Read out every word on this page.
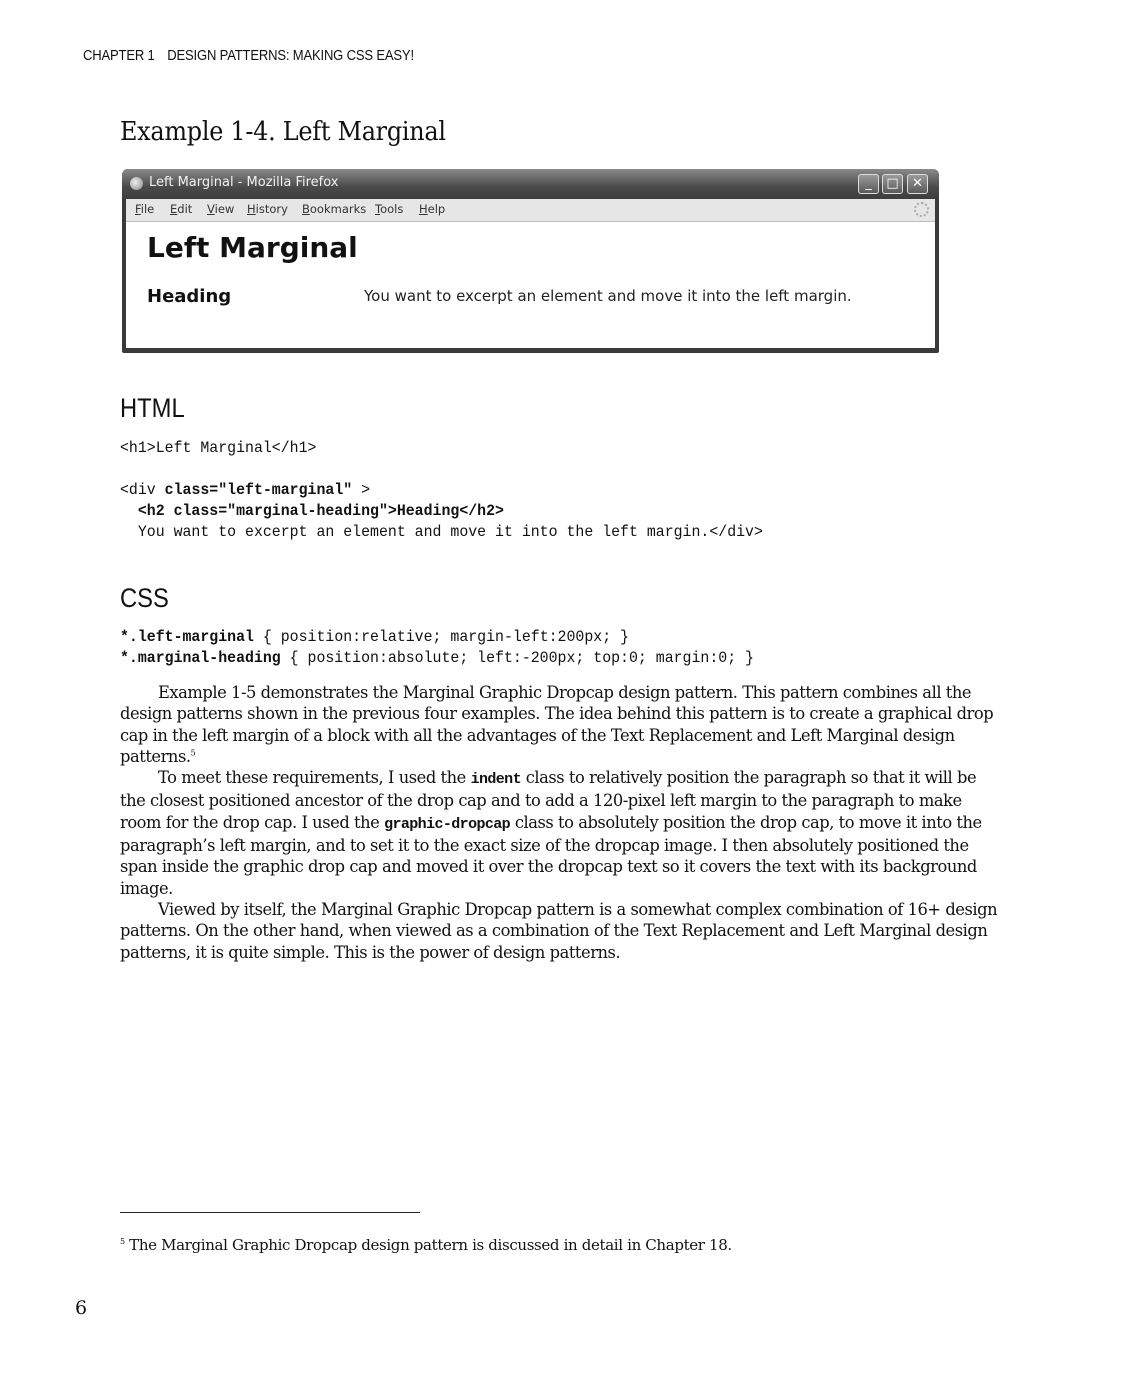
CHAPTER 1 DESIGN PATTERNS: MAKING CSS EASY!
Example 1-4. Left Marginal
Left Marginal - Mozilla Firefox	_	□	✕
File Edit View History Bookmarks Tools Help
Left Marginal
Heading	You want to excerpt an element and move it into the left margin.
HTML
<h1>Left Marginal</h1>

<div class="left-marginal" >
<h2 class="marginal-heading">Heading</h2>
You want to excerpt an element and move it into the left margin.</div>
CSS
*.left-marginal { position:relative; margin-left:200px; }
*.marginal-heading { position:absolute; left:-200px; top:0; margin:0; }

Example 1-5 demonstrates the Marginal Graphic Dropcap design pattern. This pattern combines all the design patterns shown in the previous four examples. The idea behind this pattern is to create a graphical drop cap in the left margin of a block with all the advantages of the Text Replacement and Left Marginal design patterns.$^5$

To meet these requirements, I used the indent class to relatively position the paragraph so that it will be the closest positioned ancestor of the drop cap and to add a 120-pixel left margin to the paragraph to make room for the drop cap. I used the graphic-dropcap class to absolutely position the drop cap, to move it into the paragraph’s left margin, and to set it to the exact size of the dropcap image. I then absolutely positioned the span inside the graphic drop cap and moved it over the dropcap text so it covers the text with its background image.

Viewed by itself, the Marginal Graphic Dropcap pattern is a somewhat complex combination of 16+ design patterns. On the other hand, when viewed as a combination of the Text Replacement and Left Marginal design patterns, it is quite simple. This is the power of design patterns.

$^5$ The Marginal Graphic Dropcap design pattern is discussed in detail in Chapter 18.
6
